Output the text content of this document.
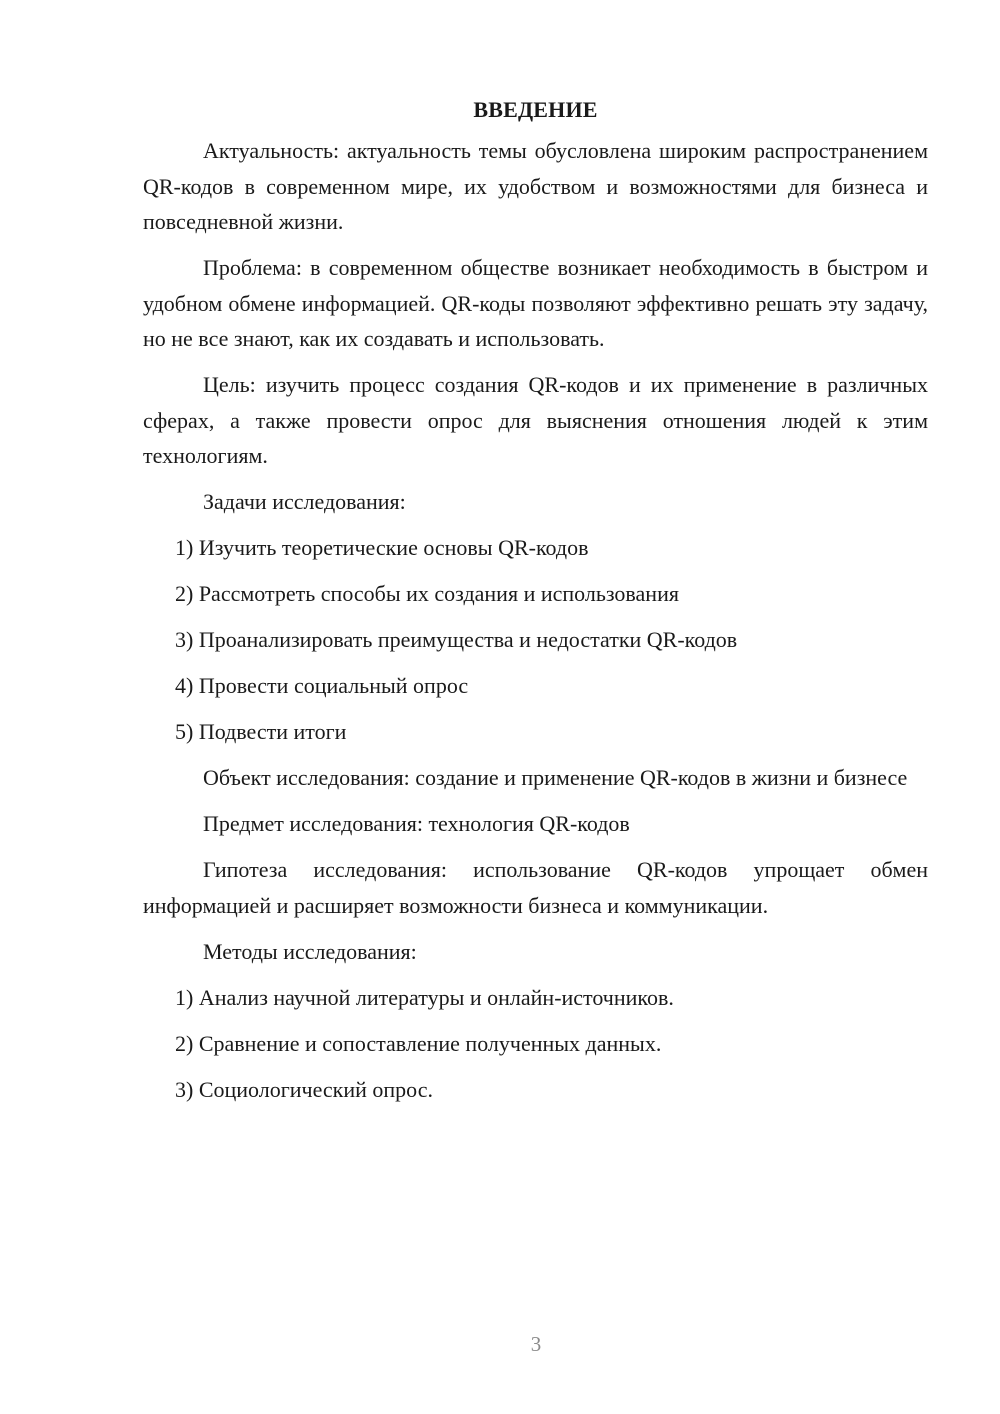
ВВЕДЕНИЕ

Актуальность: актуальность темы обусловлена широким распространением QR-кодов в современном мире, их удобством и возможностями для бизнеса и повседневной жизни.

Проблема: в современном обществе возникает необходимость в быстром и удобном обмене информацией. QR-коды позволяют эффективно решать эту задачу, но не все знают, как их создавать и использовать.

Цель: изучить процесс создания QR-кодов и их применение в различных сферах, а также провести опрос для выяснения отношения людей к этим технологиям.

Задачи исследования:

1) Изучить теоретические основы QR-кодов
2) Рассмотреть способы их создания и использования
3) Проанализировать преимущества и недостатки QR-кодов
4) Провести социальный опрос
5) Подвести итоги

Объект исследования: создание и применение QR-кодов в жизни и бизнесе

Предмет исследования: технология QR-кодов

Гипотеза исследования: использование QR-кодов упрощает обмен информацией и расширяет возможности бизнеса и коммуникации.

Методы исследования:

1) Анализ научной литературы и онлайн-источников.
2) Сравнение и сопоставление полученных данных.
3) Социологический опрос.
3
